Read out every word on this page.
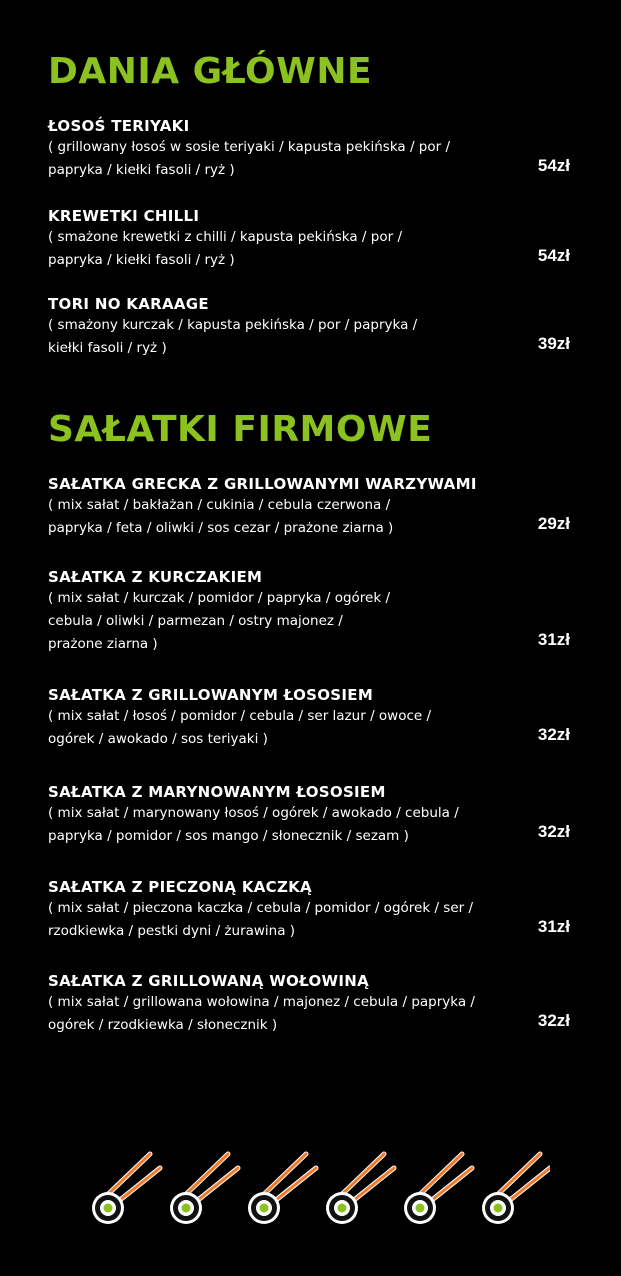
DANIA GŁÓWNE
ŁOSOŚ TERIYAKI
( grillowany łosoś w sosie teriyaki / kapusta pekińska / por /
papryka / kiełki fasoli / ryż )	54zł
KREWETKI CHILLI
( smażone krewetki z chilli / kapusta pekińska / por /
papryka / kiełki fasoli / ryż )	54zł
TORI NO KARAAGE
( smażony kurczak / kapusta pekińska / por / papryka /
kiełki fasoli / ryż )	39zł
SAŁATKI FIRMOWE
SAŁATKA GRECKA Z GRILLOWANYMI WARZYWAMI
( mix sałat / bakłażan / cukinia / cebula czerwona /
papryka / feta / oliwki / sos cezar / prażone ziarna )	29zł
SAŁATKA Z KURCZAKIEM
( mix sałat / kurczak / pomidor / papryka / ogórek /
cebula / oliwki / parmezan / ostry majonez /
prażone ziarna )	31zł
SAŁATKA Z GRILLOWANYM ŁOSOSIEM
( mix sałat / łosoś / pomidor / cebula / ser lazur / owoce /
ogórek / awokado / sos teriyaki )	32zł
SAŁATKA Z MARYNOWANYM ŁOSOSIEM
( mix sałat / marynowany łosoś / ogórek / awokado / cebula /
papryka / pomidor / sos mango / słonecznik / sezam )	32zł
SAŁATKA Z PIECZONĄ KACZKĄ
( mix sałat / pieczona kaczka / cebula / pomidor / ogórek / ser /
rzodkiewka / pestki dyni / żurawina )	31zł
SAŁATKA Z GRILLOWANĄ WOŁOWINĄ
( mix sałat / grillowana wołowina / majonez / cebula / papryka /
ogórek / rzodkiewka / słonecznik )	32zł
